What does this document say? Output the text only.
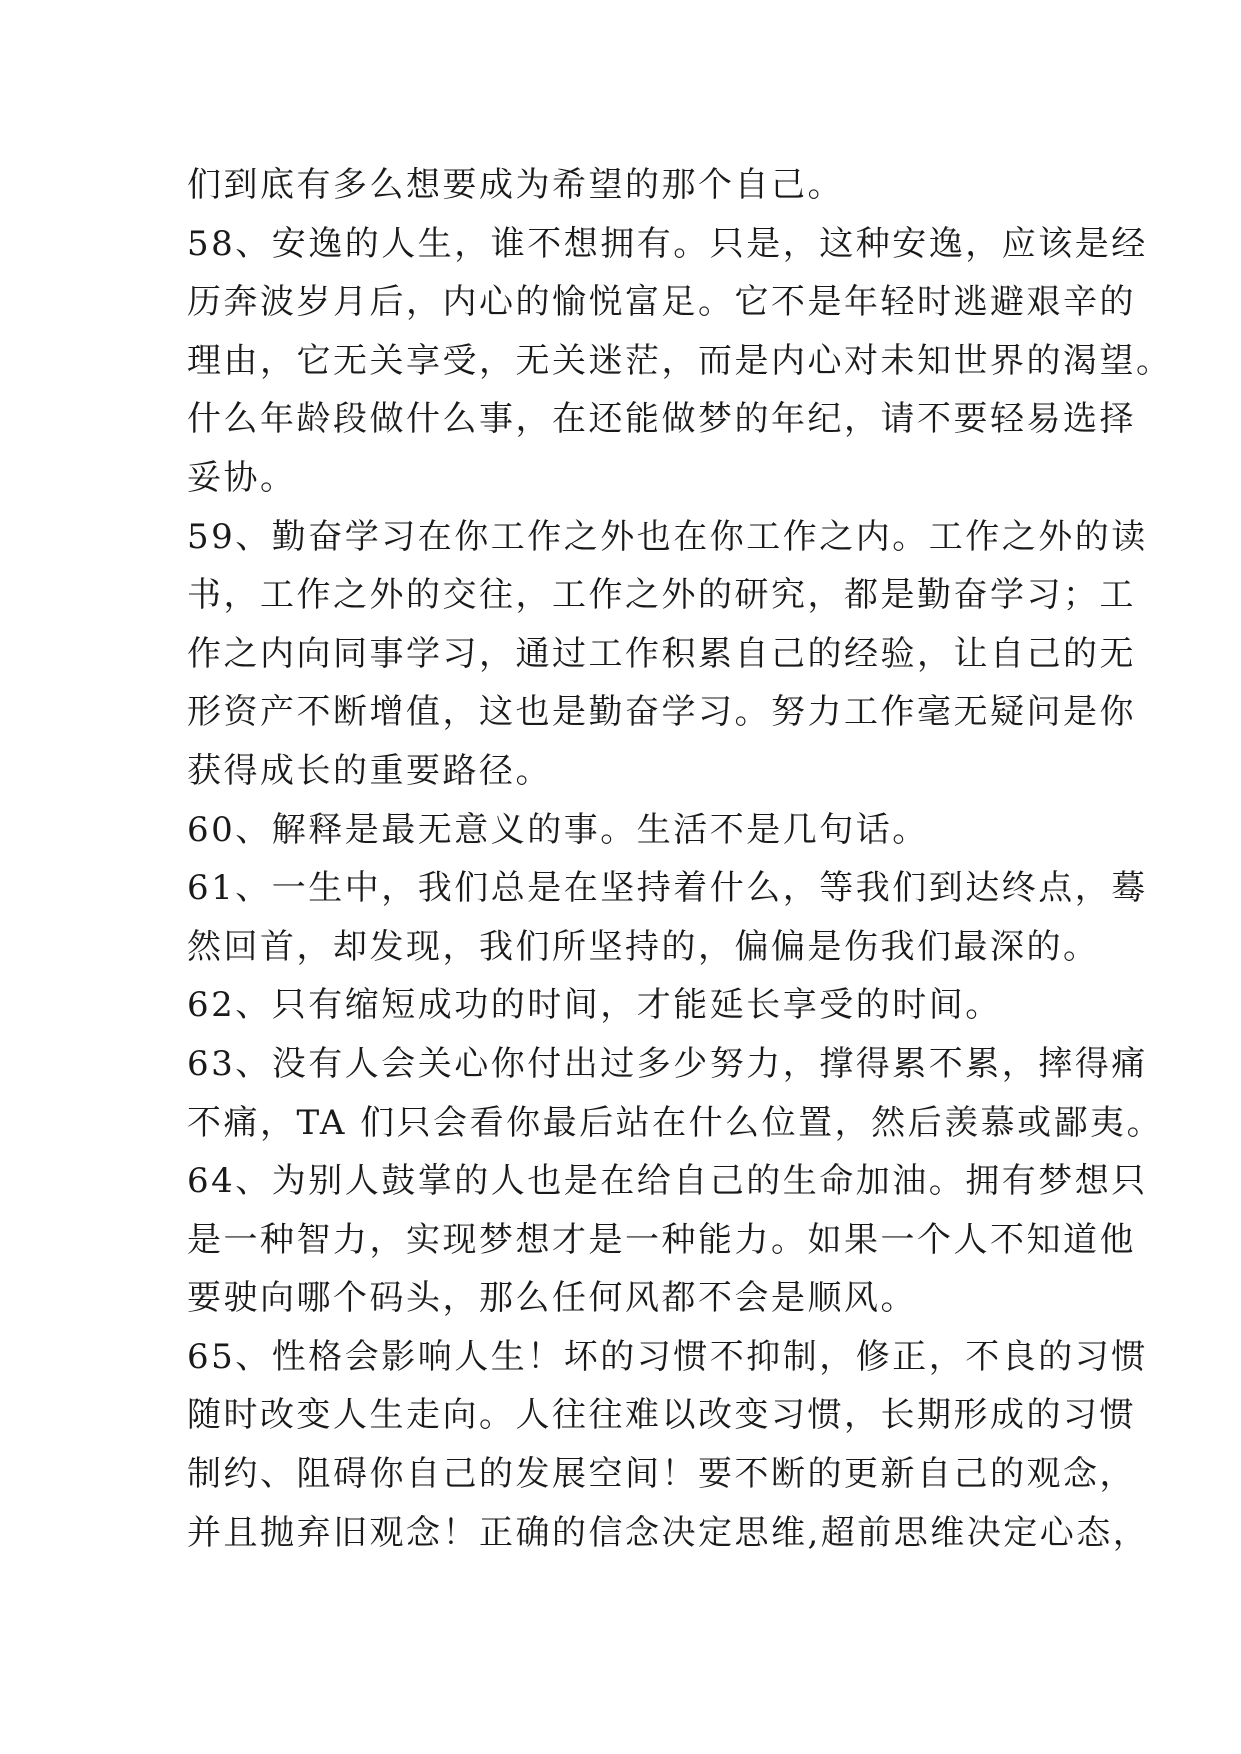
们到底有多么想要成为希望的那个自己。
58、安逸的人生，谁不想拥有。只是，这种安逸，应该是经
历奔波岁月后，内心的愉悦富足。它不是年轻时逃避艰辛的
理由，它无关享受，无关迷茫，而是内心对未知世界的渴望。
什么年龄段做什么事，在还能做梦的年纪，请不要轻易选择
妥协。
59、勤奋学习在你工作之外也在你工作之内。工作之外的读
书，工作之外的交往，工作之外的研究，都是勤奋学习；工
作之内向同事学习，通过工作积累自己的经验，让自己的无
形资产不断增值，这也是勤奋学习。努力工作毫无疑问是你
获得成长的重要路径。
60、解释是最无意义的事。生活不是几句话。
61、一生中，我们总是在坚持着什么，等我们到达终点，蓦
然回首，却发现，我们所坚持的，偏偏是伤我们最深的。
62、只有缩短成功的时间，才能延长享受的时间。
63、没有人会关心你付出过多少努力，撑得累不累，摔得痛
不痛，TA 们只会看你最后站在什么位置，然后羡慕或鄙夷。
64、为别人鼓掌的人也是在给自己的生命加油。拥有梦想只
是一种智力，实现梦想才是一种能力。如果一个人不知道他
要驶向哪个码头，那么任何风都不会是顺风。
65、性格会影响人生！坏的习惯不抑制，修正，不良的习惯
随时改变人生走向。人往往难以改变习惯，长期形成的习惯
制约、阻碍你自己的发展空间！要不断的更新自己的观念，
并且抛弃旧观念！正确的信念决定思维,超前思维决定心态，
